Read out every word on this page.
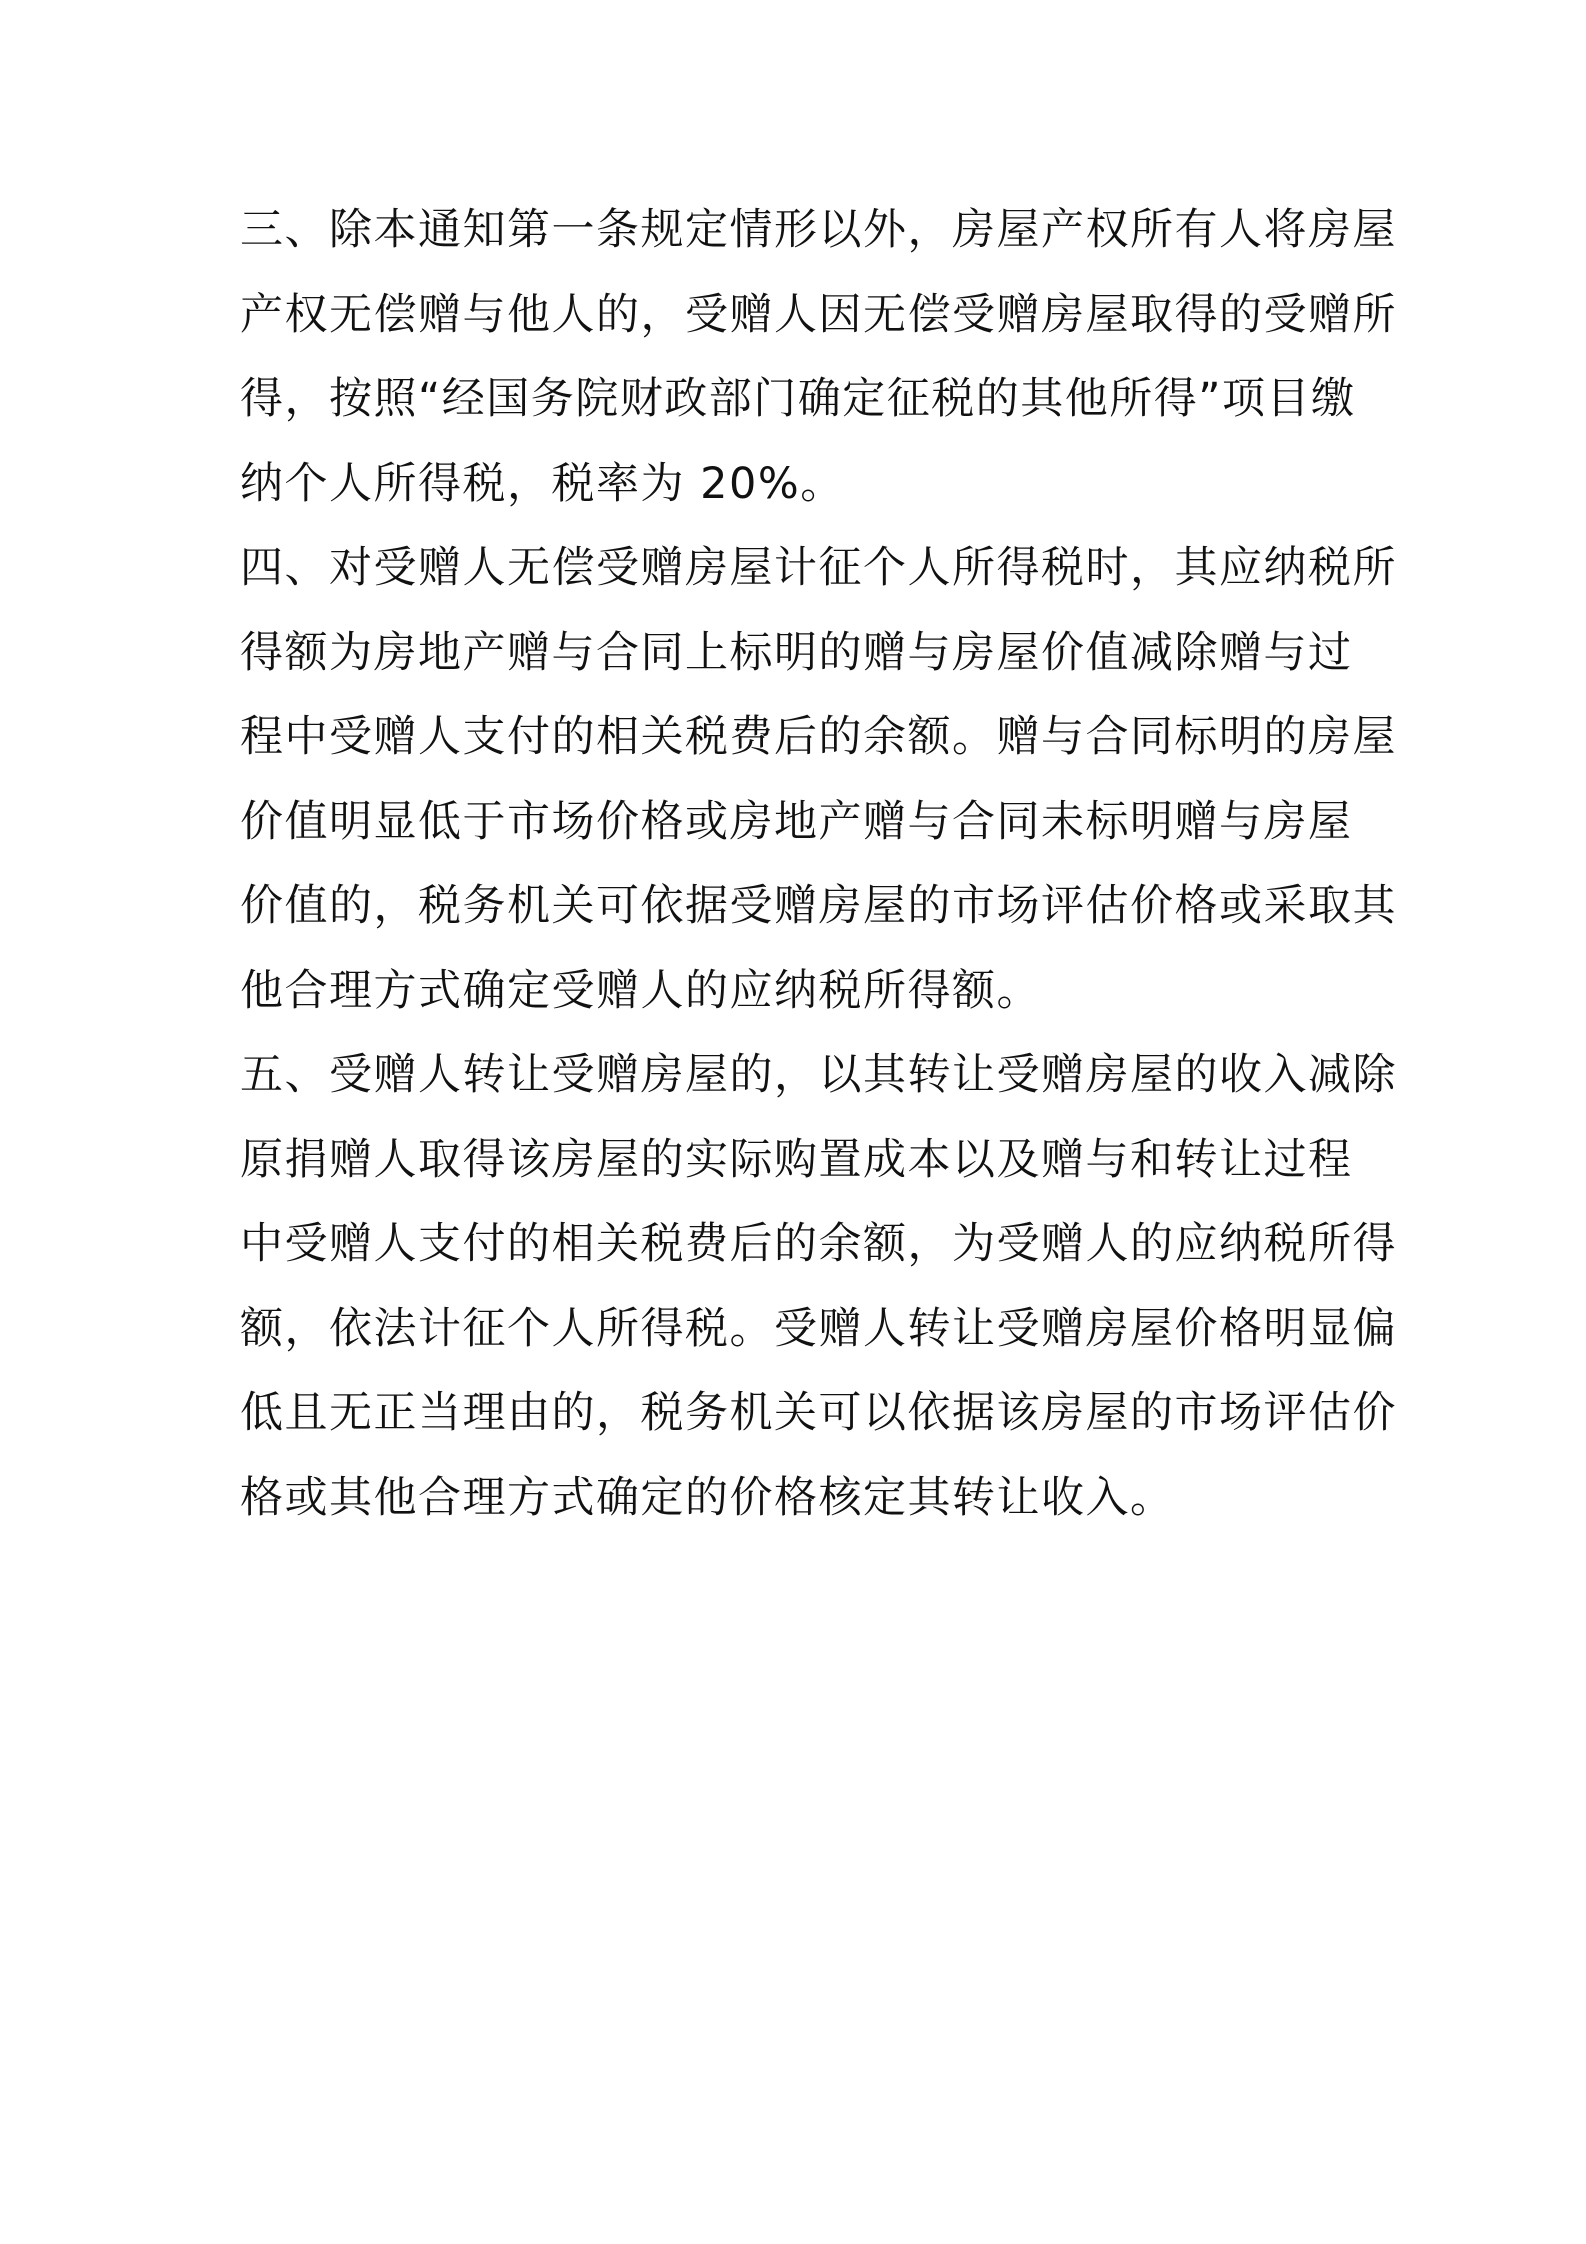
三、除本通知第一条规定情形以外，房屋产权所有人将房屋
产权无偿赠与他人的，受赠人因无偿受赠房屋取得的受赠所
得，按照“经国务院财政部门确定征税的其他所得”项目缴
纳个人所得税，税率为 20%。
四、对受赠人无偿受赠房屋计征个人所得税时，其应纳税所
得额为房地产赠与合同上标明的赠与房屋价值减除赠与过
程中受赠人支付的相关税费后的余额。赠与合同标明的房屋
价值明显低于市场价格或房地产赠与合同未标明赠与房屋
价值的，税务机关可依据受赠房屋的市场评估价格或采取其
他合理方式确定受赠人的应纳税所得额。
五、受赠人转让受赠房屋的，以其转让受赠房屋的收入减除
原捐赠人取得该房屋的实际购置成本以及赠与和转让过程
中受赠人支付的相关税费后的余额，为受赠人的应纳税所得
额，依法计征个人所得税。受赠人转让受赠房屋价格明显偏
低且无正当理由的，税务机关可以依据该房屋的市场评估价
格或其他合理方式确定的价格核定其转让收入。
